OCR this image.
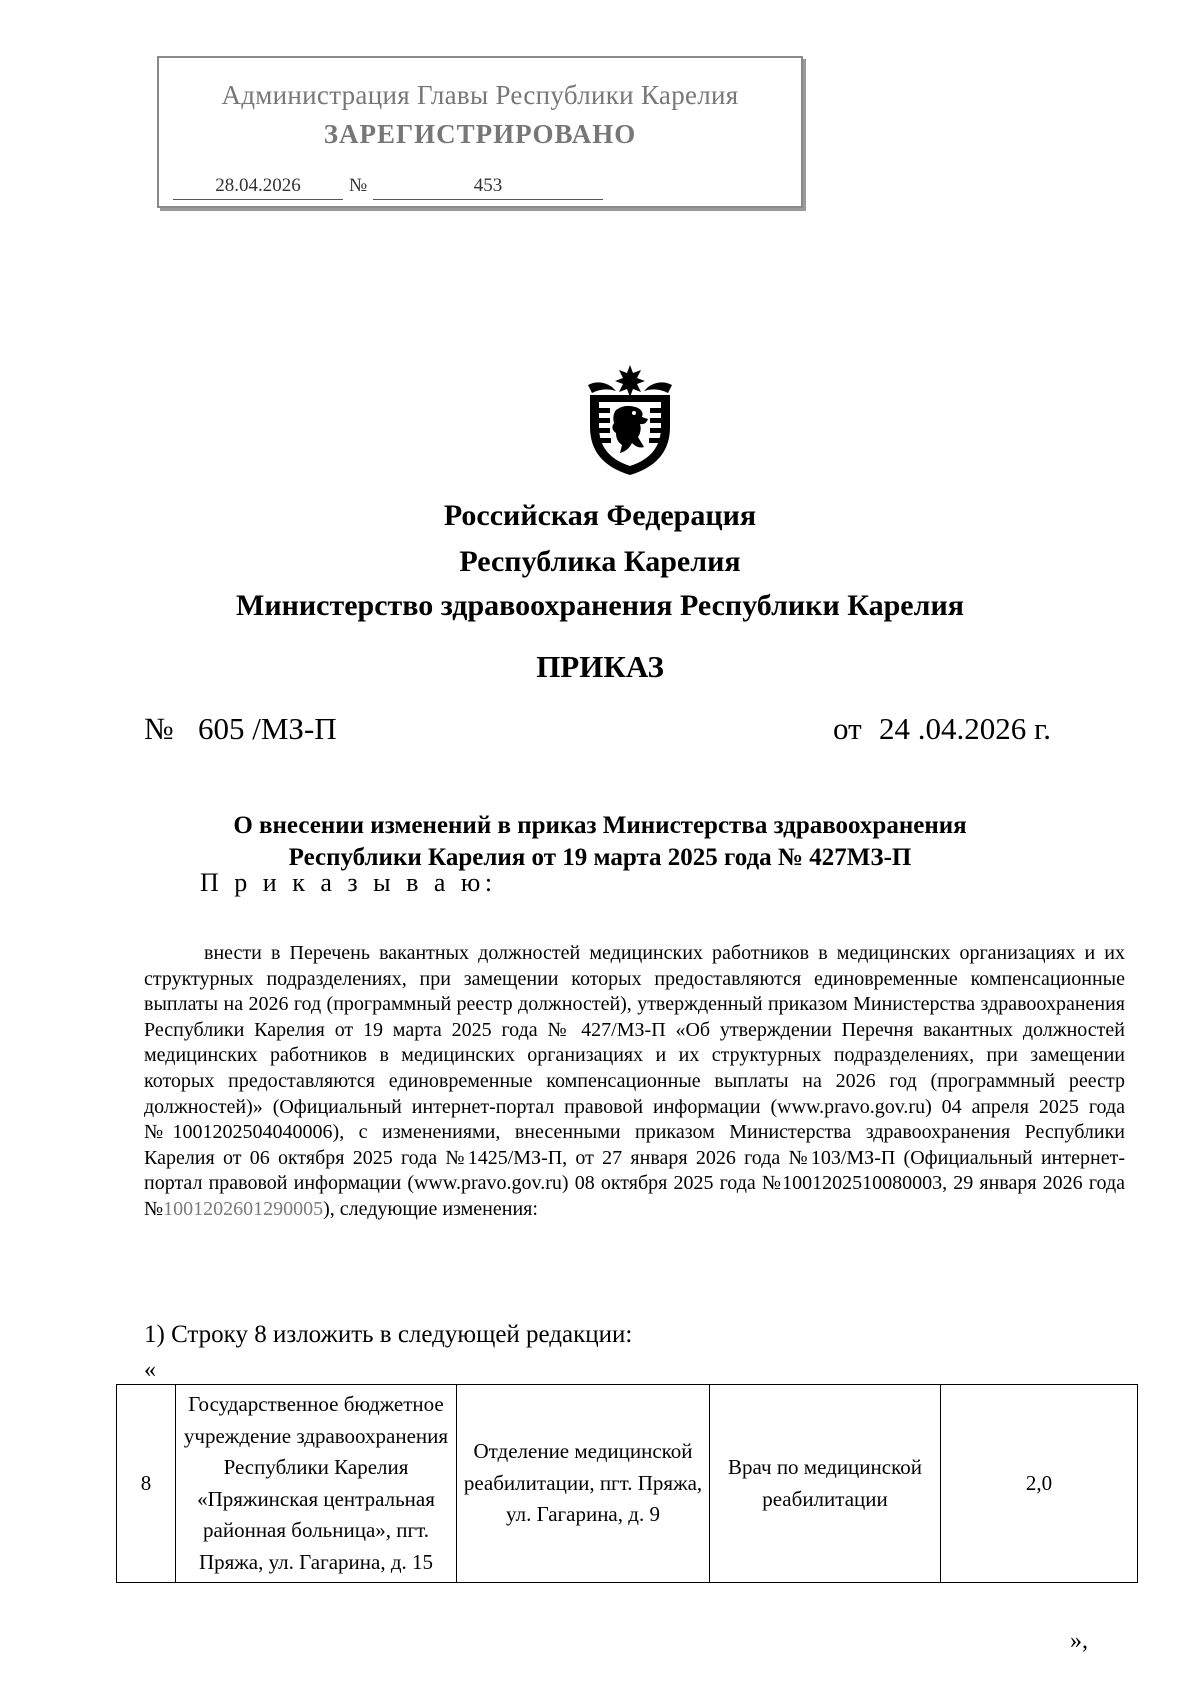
Администрация Главы Республики Карелия
ЗАРЕГИСТРИРОВАНО
28.04.2026	№	453
Российская Федерация
Республика Карелия
Министерство здравоохранения Республики Карелия
ПРИКАЗ
№ 605 /МЗ-П	от 24 .04.2026 г.
О внесении изменений в приказ Министерства здравоохранения
Республики Карелия от 19 марта 2025 года № 427МЗ-П
П р и к а з ы в а ю:
внести в Перечень вакантных должностей медицинских работников в медицинских организациях и их структурных подразделениях, при замещении которых предоставляются единовременные компенсационные выплаты на 2026 год (программный реестр должностей), утвержденный приказом Министерства здравоохранения Республики Карелия от 19 марта 2025 года № 427/МЗ-П «Об утверждении Перечня вакантных должностей медицинских работников в медицинских организациях и их структурных подразделениях, при замещении которых предоставляются единовременные компенсационные выплаты на 2026 год (программный реестр должностей)» (Официальный интернет-портал правовой информации (www.pravo.gov.ru) 04 апреля 2025 года №1001202504040006), с изменениями, внесенными приказом Министерства здравоохранения Республики Карелия от 06 октября 2025 года №1425/МЗ-П, от 27 января 2026 года №103/МЗ-П (Официальный интернет-портал правовой информации (www.pravo.gov.ru) 08 октября 2025 года №1001202510080003, 29 января 2026 года №1001202601290005), следующие изменения:
1) Строку 8 изложить в следующей редакции:
«
8	Государственное бюджетное учреждение здравоохранения Республики Карелия «Пряжинская центральная районная больница», пгт. Пряжа, ул. Гагарина, д. 15	Отделение медицинской реабилитации, пгт. Пряжа, ул. Гагарина, д. 9	Врач по медицинской реабилитации	2,0
»,
